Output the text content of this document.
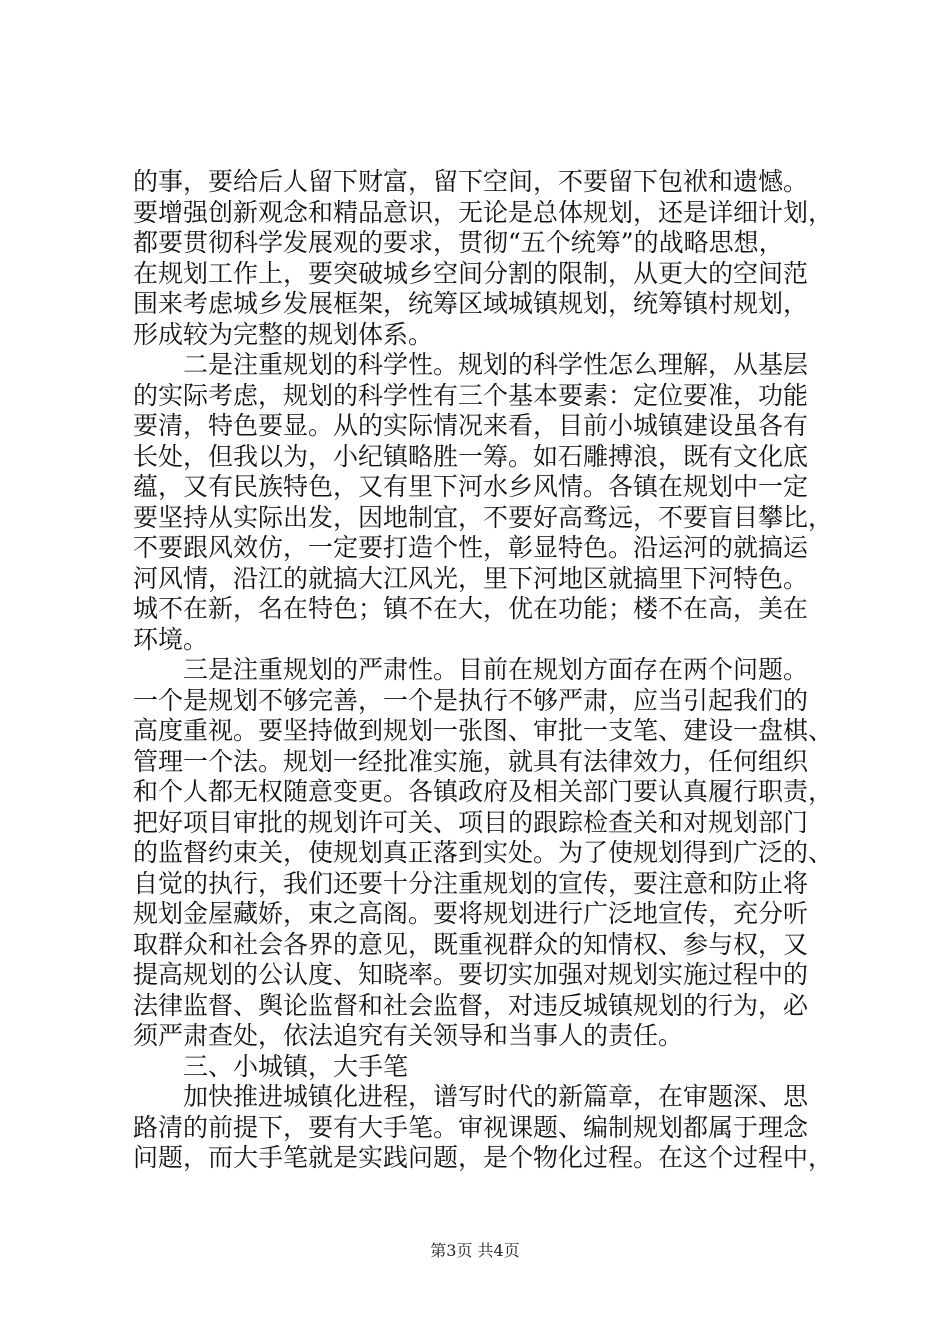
的事，要给后人留下财富，留下空间，不要留下包袱和遗憾。
要增强创新观念和精品意识，无论是总体规划，还是详细计划，
都要贯彻科学发展观的要求，贯彻“五个统筹”的战略思想，
在规划工作上，要突破城乡空间分割的限制，从更大的空间范
围来考虑城乡发展框架，统筹区域城镇规划，统筹镇村规划，
形成较为完整的规划体系。
二是注重规划的科学性。规划的科学性怎么理解，从基层
的实际考虑，规划的科学性有三个基本要素：定位要准，功能
要清，特色要显。从的实际情况来看，目前小城镇建设虽各有
长处，但我以为，小纪镇略胜一筹。如石雕搏浪，既有文化底
蕴，又有民族特色，又有里下河水乡风情。各镇在规划中一定
要坚持从实际出发，因地制宜，不要好高骛远，不要盲目攀比，
不要跟风效仿，一定要打造个性，彰显特色。沿运河的就搞运
河风情，沿江的就搞大江风光，里下河地区就搞里下河特色。
城不在新，名在特色；镇不在大，优在功能；楼不在高，美在
环境。
三是注重规划的严肃性。目前在规划方面存在两个问题。
一个是规划不够完善，一个是执行不够严肃，应当引起我们的
高度重视。要坚持做到规划一张图、审批一支笔、建设一盘棋、
管理一个法。规划一经批准实施，就具有法律效力，任何组织
和个人都无权随意变更。各镇政府及相关部门要认真履行职责，
把好项目审批的规划许可关、项目的跟踪检查关和对规划部门
的监督约束关，使规划真正落到实处。为了使规划得到广泛的、
自觉的执行，我们还要十分注重规划的宣传，要注意和防止将
规划金屋藏娇，束之高阁。要将规划进行广泛地宣传，充分听
取群众和社会各界的意见，既重视群众的知情权、参与权，又
提高规划的公认度、知晓率。要切实加强对规划实施过程中的
法律监督、舆论监督和社会监督，对违反城镇规划的行为，必
须严肃查处，依法追究有关领导和当事人的责任。
三、小城镇，大手笔
加快推进城镇化进程，谱写时代的新篇章，在审题深、思
路清的前提下，要有大手笔。审视课题、编制规划都属于理念
问题，而大手笔就是实践问题，是个物化过程。在这个过程中，
第3页 共4页
